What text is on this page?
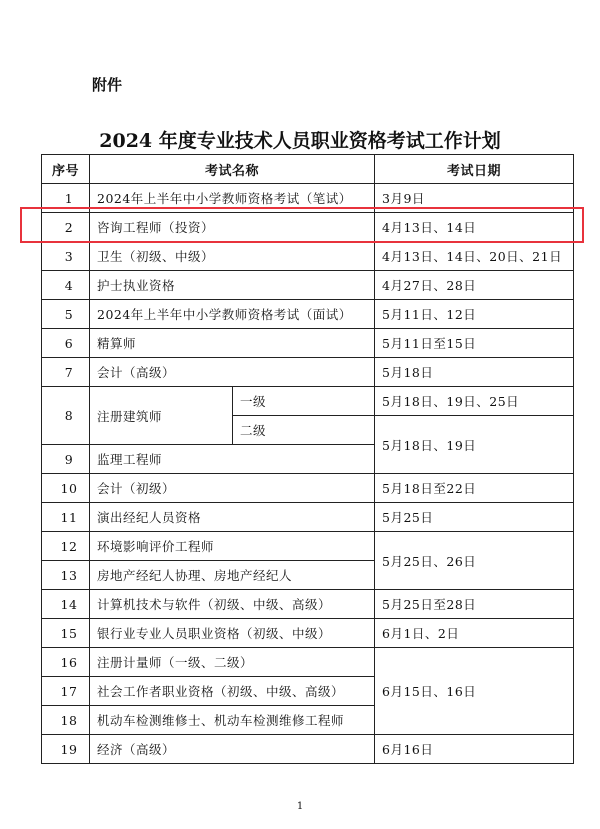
附件
2024 年度专业技术人员职业资格考试工作计划
序号	考试名称		考试日期
1	2024年上半年中小学教师资格考试（笔试）		3月9日
2	咨询工程师（投资）		4月13日、14日
3	卫生（初级、中级）		4月13日、14日、20日、21日
4	护士执业资格		4月27日、28日
5	2024年上半年中小学教师资格考试（面试）		5月11日、12日
6	精算师		5月11日至15日
7	会计（高级）		5月18日
8	注册建筑师	一级	5月18日、19日、25日
		二级	5月18日、19日
9	监理工程师		
10	会计（初级）		5月18日至22日
11	演出经纪人员资格		5月25日
12	环境影响评价工程师		5月25日、26日
13	房地产经纪人协理、房地产经纪人		
14	计算机技术与软件（初级、中级、高级）		5月25日至28日
15	银行业专业人员职业资格（初级、中级）		6月1日、2日
16	注册计量师（一级、二级）		6月15日、16日
17	社会工作者职业资格（初级、中级、高级）		
18	机动车检测维修士、机动车检测维修工程师		
19	经济（高级）		6月16日
1
